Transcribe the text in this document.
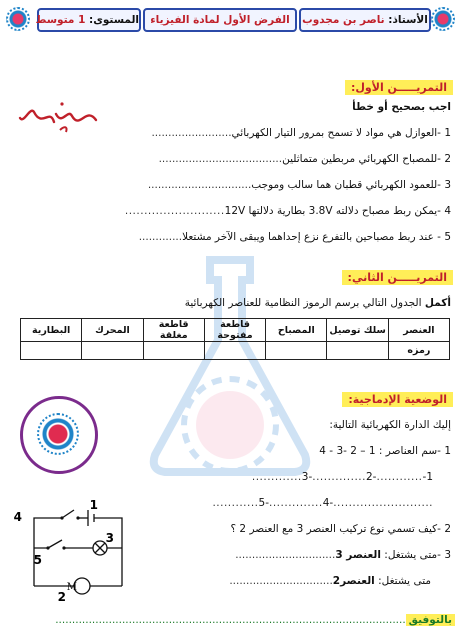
الأستاذ: ناصر بن مجدوب
الفرض الأول لمادة الفيزياء
المستوى: 1 متوسط
التمريـــــن الأول:
اجب بصحيح أو خطأ
1 -العوازل هي مواد لا تسمح بمرور التيار الكهربائي........................
2 -للمصباح الكهربائي مربطين متماثلين.....................................
3 -للعمود الكهربائي قطبان هما سالب وموجب...............................
4 -يمكن ربط مصباح دلالته 3.8V بطارية دلالتها 12V..........................
5 - عند ربط مصباحين بالتفرع نزع إحداهما ويبقى الآخر مشتعلا.............
التمريـــــن الثاني:
أكمل الجدول التالي برسم الرموز النظامية للعناصر الكهربائية
العنصر	سلك توصيل	المصباح	قاطعة مفتوحة	قاطعة مغلقة	المحرك	البطارية
رمزه						
الوضعية الإدماجية:
إليك الدارة الكهربائية التالية:
1 -سم العناصر : 1 – 2 -3 - 4
1-............-2..............-3.............
..........................-4..............-5............
2 -كيف تسمي نوع تركيب العنصر 3 مع العنصر 2 ؟
3 -متى يشتغل: العنصر 3..............................
متى يشتغل: العنصر2...............................
4
5
3
2
1
M
بالتوفيق.........................................................................................................
